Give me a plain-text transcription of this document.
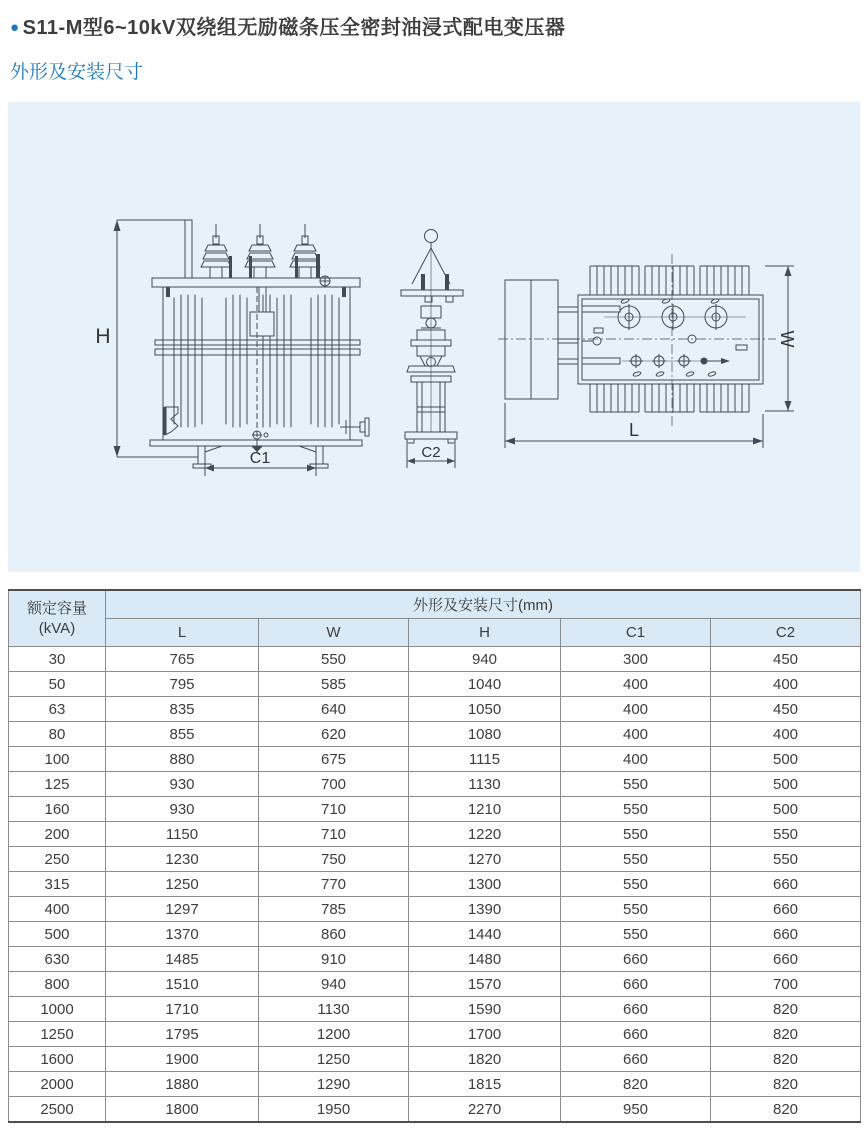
● S11-M型6~10kV双绕组无励磁条压全密封油浸式配电变压器
外形及安装尺寸
C1
H
C2
W
L
额定容量
(kVA)	外形及安装尺寸(mm)				
	L	W	H	C1	C2
30	765	550	940	300	450
50	795	585	1040	400	400
63	835	640	1050	400	450
80	855	620	1080	400	400
100	880	675	1115	400	500
125	930	700	1130	550	500
160	930	710	1210	550	500
200	1150	710	1220	550	550
250	1230	750	1270	550	550
315	1250	770	1300	550	660
400	1297	785	1390	550	660
500	1370	860	1440	550	660
630	1485	910	1480	660	660
800	1510	940	1570	660	700
1000	1710	1130	1590	660	820
1250	1795	1200	1700	660	820
1600	1900	1250	1820	660	820
2000	1880	1290	1815	820	820
2500	1800	1950	2270	950	820
